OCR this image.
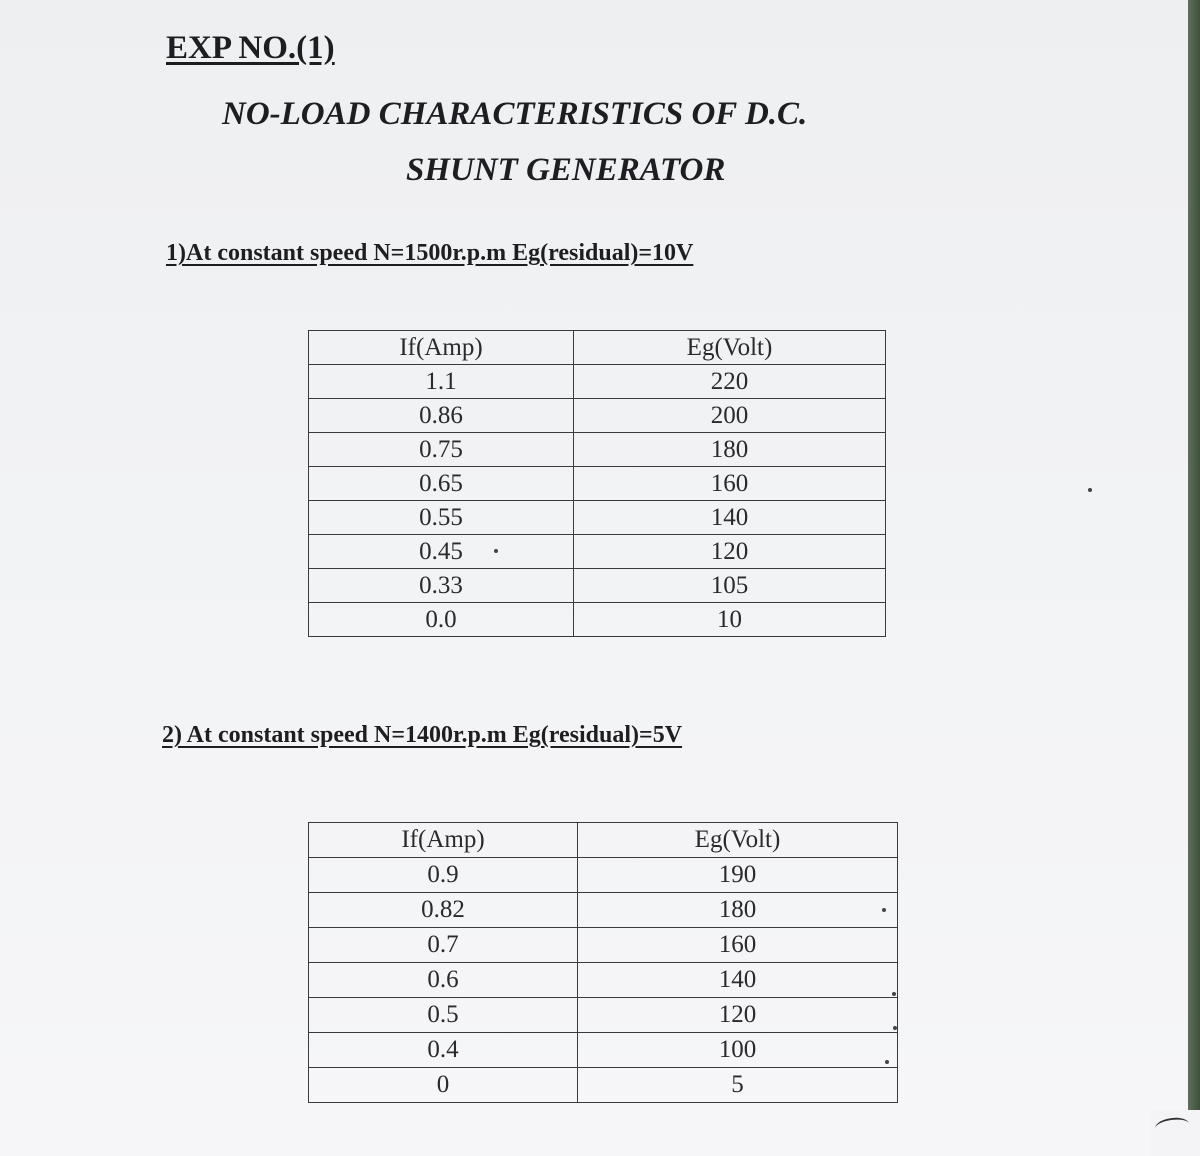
EXP NO.(1)
NO-LOAD CHARACTERISTICS OF D.C.
SHUNT GENERATOR
1)At constant speed N=1500r.p.m Eg(residual)=10V
If(Amp)	Eg(Volt)
1.1	220
0.86	200
0.75	180
0.65	160
0.55	140
0.45	120
0.33	105
0.0	10
2) At constant speed N=1400r.p.m Eg(residual)=5V
If(Amp)	Eg(Volt)
0.9	190
0.82	180
0.7	160
0.6	140
0.5	120
0.4	100
0	5
